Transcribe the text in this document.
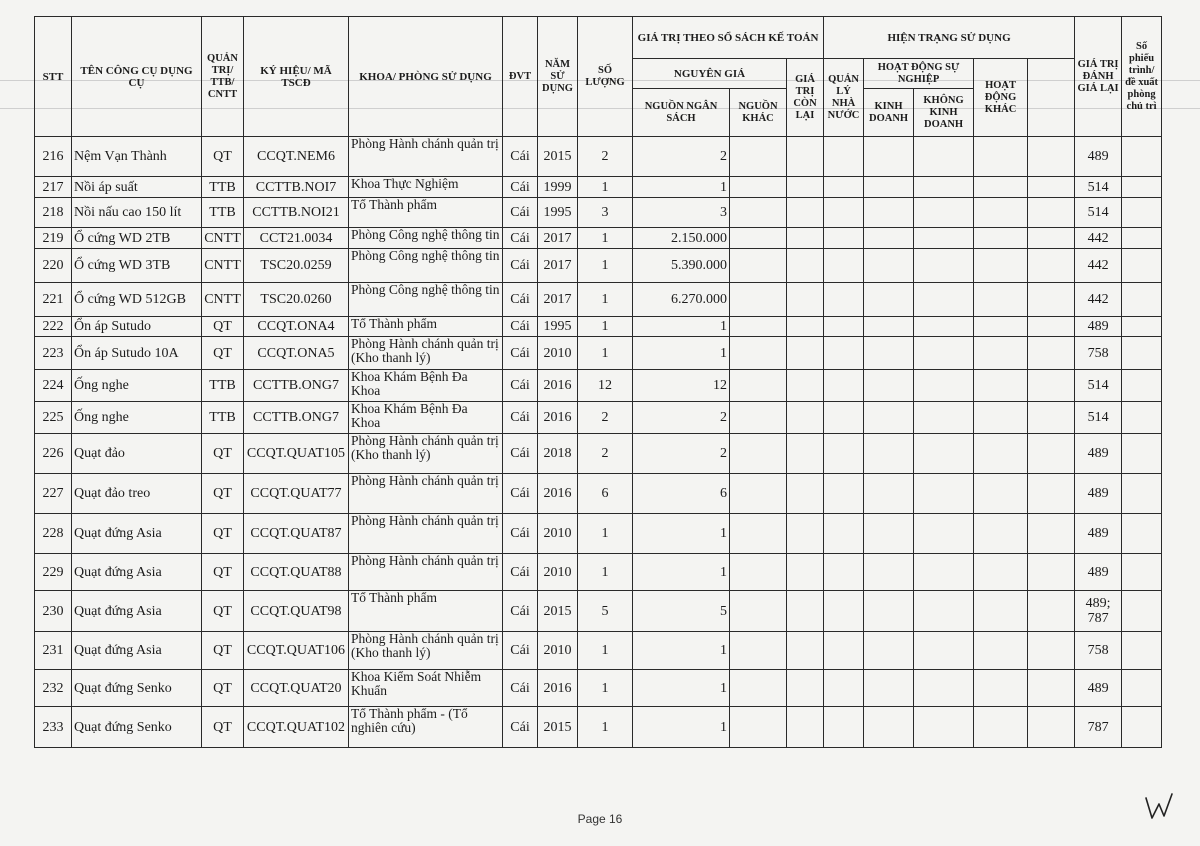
STT	TÊN CÔNG CỤ DỤNG CỤ	QUẢN TRỊ/ TTB/ CNTT	KÝ HIỆU/ MÃ TSCĐ	KHOA/ PHÒNG SỬ DỤNG	ĐVT	NĂM SỬ DỤNG	SỐ LƯỢNG	GIÁ TRỊ THEO SỔ SÁCH KẾ TOÁN			HIỆN TRẠNG SỬ DỤNG					GIÁ TRỊ ĐÁNH GIÁ LẠI	Số phiếu trình/ đề xuất phòng chủ trì	
								NGUYÊN GIÁ		GIÁ TRỊ CÒN LẠI	QUẢN LÝ NHÀ NƯỚC	HOẠT ĐỘNG SỰ NGHIỆP		HOẠT ĐỘNG KHÁC				
								NGUỒN NGÂN SÁCH	NGUỒN KHÁC			KINH DOANH	KHÔNG KINH DOANH					
216	Nệm Vạn Thành	QT	CCQT.NEM6	Phòng Hành chánh quản trị	Cái	2015	2	2								489		
217	Nồi áp suất	TTB	CCTTB.NOI7	Khoa Thực Nghiệm	Cái	1999	1	1								514		
218	Nồi nấu cao 150 lít	TTB	CCTTB.NOI21	Tổ Thành phẩm	Cái	1995	3	3								514		
219	Ổ cứng WD 2TB	CNTT	CCT21.0034	Phòng Công nghệ thông tin	Cái	2017	1	2.150.000								442		
220	Ổ cứng WD 3TB	CNTT	TSC20.0259	Phòng Công nghệ thông tin	Cái	2017	1	5.390.000								442		
221	Ổ cứng WD 512GB	CNTT	TSC20.0260	Phòng Công nghệ thông tin	Cái	2017	1	6.270.000								442		
222	Ổn áp Sutudo	QT	CCQT.ONA4	Tổ Thành phẩm	Cái	1995	1	1								489		
223	Ổn áp Sutudo 10A	QT	CCQT.ONA5	Phòng Hành chánh quản trị (Kho thanh lý)	Cái	2010	1	1								758		
224	Ống nghe	TTB	CCTTB.ONG7	Khoa Khám Bệnh Đa Khoa	Cái	2016	12	12								514		
225	Ống nghe	TTB	CCTTB.ONG7	Khoa Khám Bệnh Đa Khoa	Cái	2016	2	2								514		
226	Quạt đảo	QT	CCQT.QUAT105	Phòng Hành chánh quản trị (Kho thanh lý)	Cái	2018	2	2								489		
227	Quạt đảo treo	QT	CCQT.QUAT77	Phòng Hành chánh quản trị	Cái	2016	6	6								489		
228	Quạt đứng Asia	QT	CCQT.QUAT87	Phòng Hành chánh quản trị	Cái	2010	1	1								489		
229	Quạt đứng Asia	QT	CCQT.QUAT88	Phòng Hành chánh quản trị	Cái	2010	1	1								489		
230	Quạt đứng Asia	QT	CCQT.QUAT98	Tổ Thành phẩm	Cái	2015	5	5								489; 787		
231	Quạt đứng Asia	QT	CCQT.QUAT106	Phòng Hành chánh quản trị (Kho thanh lý)	Cái	2010	1	1								758		
232	Quạt đứng Senko	QT	CCQT.QUAT20	Khoa Kiểm Soát Nhiễm Khuẩn	Cái	2016	1	1								489		
233	Quạt đứng Senko	QT	CCQT.QUAT102	Tổ Thành phẩm - (Tổ nghiên cứu)	Cái	2015	1	1								787		
Page 16
